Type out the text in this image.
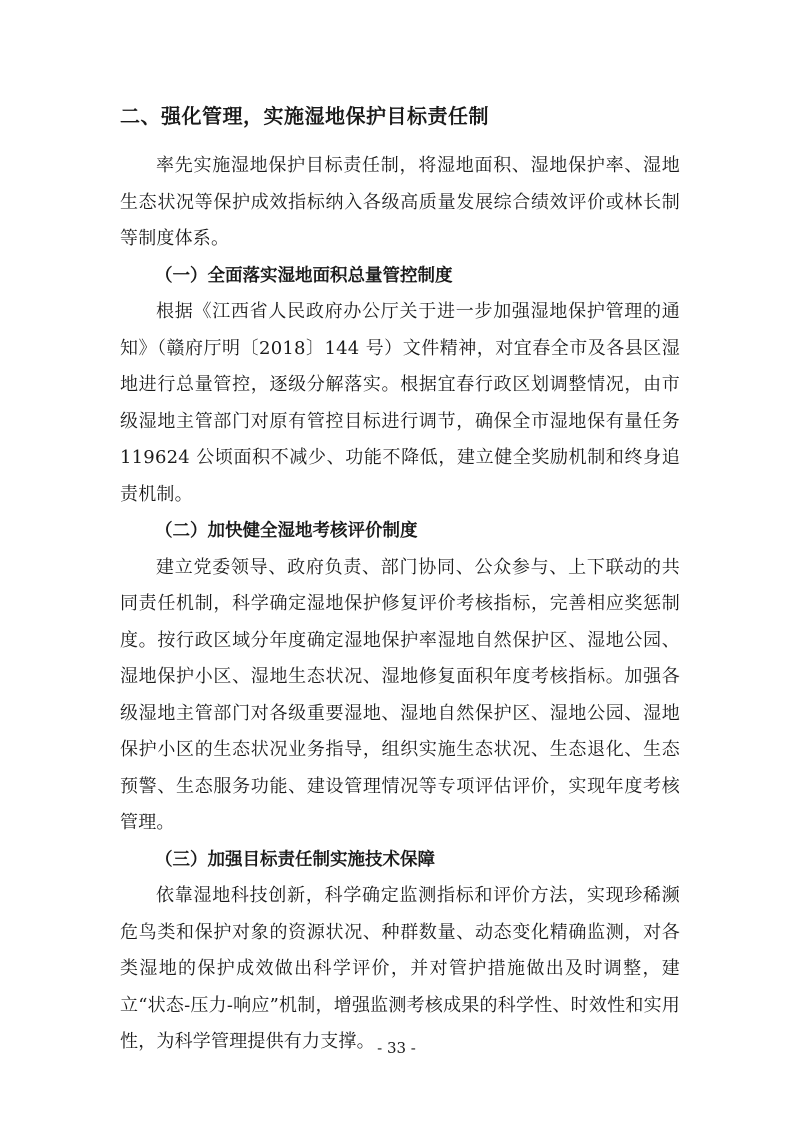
二、强化管理，实施湿地保护目标责任制

率先实施湿地保护目标责任制，将湿地面积、湿地保护率、湿地生态状况等保护成效指标纳入各级高质量发展综合绩效评价或林长制等制度体系。

（一）全面落实湿地面积总量管控制度

根据《江西省人民政府办公厅关于进一步加强湿地保护管理的通知》（赣府厅明〔2018〕144 号）文件精神，对宜春全市及各县区湿地进行总量管控，逐级分解落实。根据宜春行政区划调整情况，由市级湿地主管部门对原有管控目标进行调节，确保全市湿地保有量任务 119624 公顷面积不减少、功能不降低，建立健全奖励机制和终身追责机制。

（二）加快健全湿地考核评价制度

建立党委领导、政府负责、部门协同、公众参与、上下联动的共同责任机制，科学确定湿地保护修复评价考核指标，完善相应奖惩制度。按行政区域分年度确定湿地保护率湿地自然保护区、湿地公园、湿地保护小区、湿地生态状况、湿地修复面积年度考核指标。加强各级湿地主管部门对各级重要湿地、湿地自然保护区、湿地公园、湿地保护小区的生态状况业务指导，组织实施生态状况、生态退化、生态预警、生态服务功能、建设管理情况等专项评估评价，实现年度考核管理。

（三）加强目标责任制实施技术保障

依靠湿地科技创新，科学确定监测指标和评价方法，实现珍稀濒危鸟类和保护对象的资源状况、种群数量、动态变化精确监测，对各类湿地的保护成效做出科学评价，并对管护措施做出及时调整，建立“状态-压力-响应”机制，增强监测考核成果的科学性、时效性和实用性，为科学管理提供有力支撑。 - 33 -
